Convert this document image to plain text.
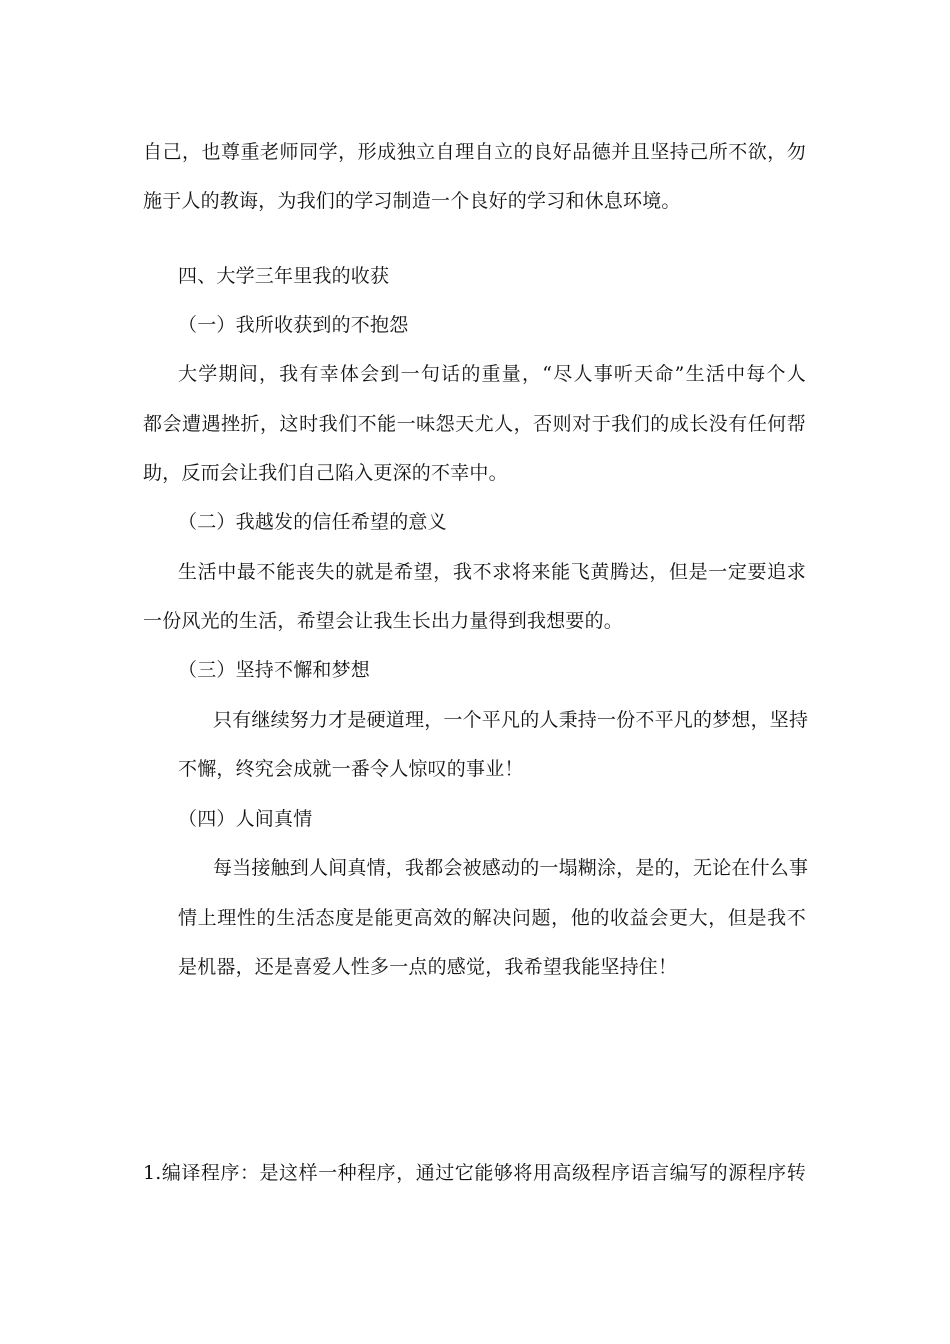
自己，也尊重老师同学，形成独立自理自立的良好品德并且坚持己所不欲，勿
施于人的教诲，为我们的学习制造一个良好的学习和休息环境。
四、大学三年里我的收获
（一）我所收获到的不抱怨
大学期间，我有幸体会到一句话的重量，“尽人事听天命”生活中每个人
都会遭遇挫折，这时我们不能一味怨天尤人，否则对于我们的成长没有任何帮
助，反而会让我们自己陷入更深的不幸中。
（二）我越发的信任希望的意义
生活中最不能丧失的就是希望，我不求将来能飞黄腾达，但是一定要追求
一份风光的生活，希望会让我生长出力量得到我想要的。
（三）坚持不懈和梦想
只有继续努力才是硬道理，一个平凡的人秉持一份不平凡的梦想，坚持
不懈，终究会成就一番令人惊叹的事业！
（四）人间真情
每当接触到人间真情，我都会被感动的一塌糊涂，是的，无论在什么事
情上理性的生活态度是能更高效的解决问题，他的收益会更大，但是我不
是机器，还是喜爱人性多一点的感觉，我希望我能坚持住！
1.编译程序：是这样一种程序，通过它能够将用高级程序语言编写的源程序转
